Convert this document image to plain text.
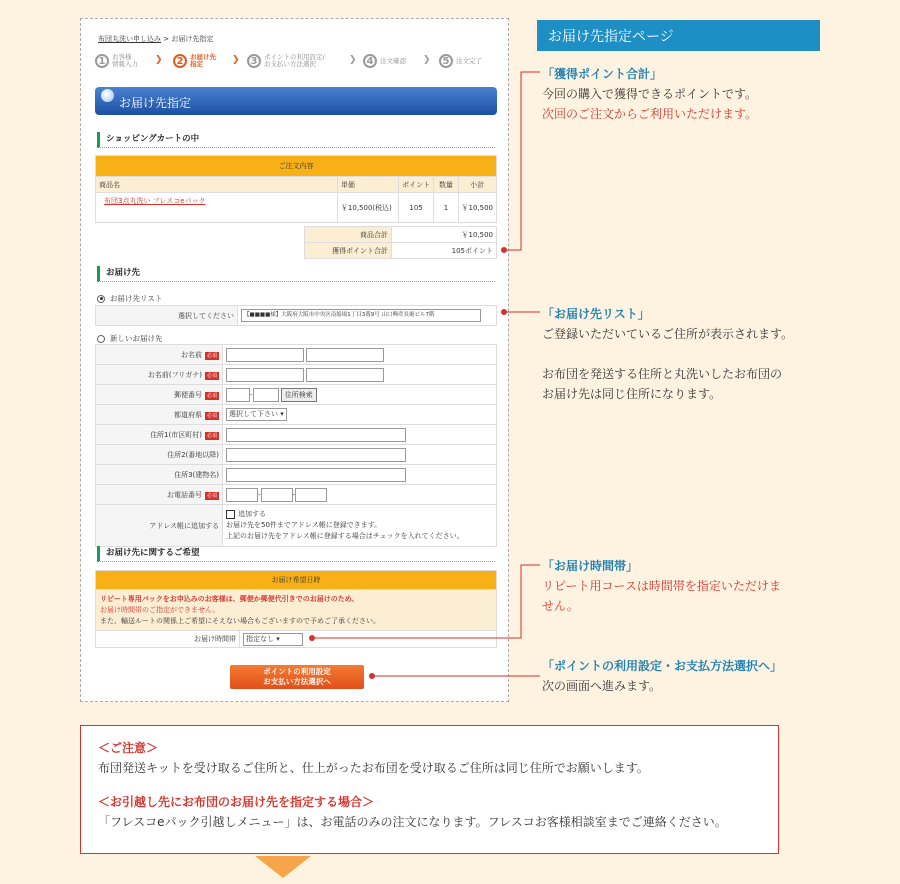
布団丸洗い申し込み > お届け先指定
1	お客様
情報入力 ❯	2	お届け先
指定	❯	3	ポイントの利用設定/
お支払い方法選択	❯ 4	注文確認 ❯	5	注文完了
お届け先指定
ショッピングカートの中
ご注文内容				
商品名	単価	ポイント	数量	小計
布団3点丸洗い フレスコeパック	￥10,500(税込)	105	1	￥10,500
商品合計	￥10,500
獲得ポイント合計	105ポイント
お届け先
お届け先リスト
選択してください	【■■■■様】大阪府大阪市中央区南船場1丁目3番9号 山口興産長堀ビル7階
新しいお届け先
お名前 必須	
お名前(フリガナ) 必須	
郵便番号 必須	- 住所検索
都道府県 必須	選択して下さい ▾
住所1(市区町村) 必須	
住所2(番地以降)	
住所3(建物名)	
お電話番号 必須	- -
アドレス帳に追加する	追加する
お届け先を50件までアドレス帳に登録できます。
上記のお届け先をアドレス帳に登録する場合はチェックを入れてください。
お届け先に関するご希望
お届け希望日時
リピート専用パックをお申込みのお客様は、郵便か郵便代引きでのお届けのため、
お届け時間帯のご指定ができません。
また、輸送ルートの関係上ご希望にそえない場合もございますので予めご了承ください。
お届け時間帯	指定なし ▾
ポイントの利用設定
お支払い方法選択へ
お届け先指定ページ
「獲得ポイント合計」
今回の購入で獲得できるポイントです。
次回のご注文からご利用いただけます。
「お届け先リスト」
ご登録いただいているご住所が表示されます。
お布団を発送する住所と丸洗いしたお布団の
お届け先は同じ住所になります。
「お届け時間帯」
リピート用コースは時間帯を指定いただけま
せん。
「ポイントの利用設定・お支払方法選択へ」
次の画面へ進みます。
＜ご注意＞
布団発送キットを受け取るご住所と、仕上がったお布団を受け取るご住所は同じ住所でお願いします。
＜お引越し先にお布団のお届け先を指定する場合＞
「フレスコeパック引越しメニュー」は、お電話のみの注文になります。フレスコお客様相談室までご連絡ください。
